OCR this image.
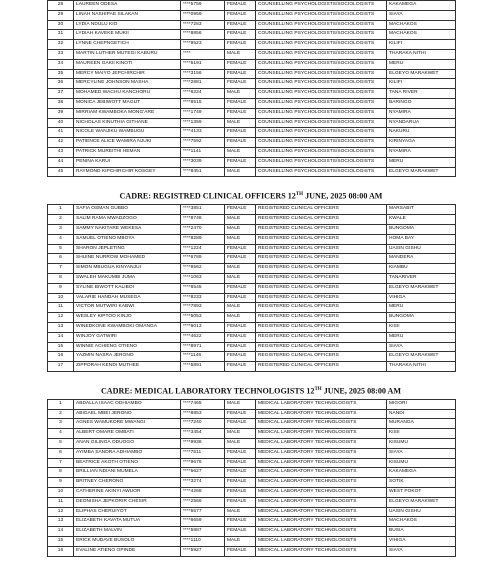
28	LAUREEN ODESA	****5759	FEMALE	COUNSELLING PSYCHOLOGISTS/SOCIOLOGISTS	KAKAMEGA
29	LINAH NASHIPAE SILAKAN	****0959	FEMALE	COUNSELLING PSYCHOLOGISTS/SOCIOLOGISTS	SIAYA
30	LYDIA NDULU KIO	****7283	FEMALE	COUNSELLING PSYCHOLOGISTS/SOCIOLOGISTS	MACHAKOS
31	LYDIAH KAVEKE MUKII	****8856	FEMALE	COUNSELLING PSYCHOLOGISTS/SOCIOLOGISTS	MACHAKOS
32	LYNNE CHEPNGETICH	****9523	FEMALE	COUNSELLING PSYCHOLOGISTS/SOCIOLOGISTS	KILIFI
33	MARTIN LUTHER MUTEGI KABURU	****	MALE	COUNSELLING PSYCHOLOGISTS/SOCIOLOGISTS	THARAKA NITHI
34	MAUREEN GAKII KINOTI	****5191	FEMALE	COUNSELLING PSYCHOLOGISTS/SOCIOLOGISTS	MERU
35	MERCY MAIYO JEPCHIRCHIR	****3156	FEMALE	COUNSELLING PSYCHOLOGISTS/SOCIOLOGISTS	ELGEYO MARAKWET
36	MERCYLINE JOHNSON MASHA	****2881	FEMALE	COUNSELLING PSYCHOLOGISTS/SOCIOLOGISTS	KILIFI
37	MOHAMED WACHU KANCHORU	****6224	MALE	COUNSELLING PSYCHOLOGISTS/SOCIOLOGISTS	TANA RIVER
38	MONICA JEBIWOTT MAGUT	****8515	FEMALE	COUNSELLING PSYCHOLOGISTS/SOCIOLOGISTS	BARINGO
39	MIRRIAM KWAMBOKA MONG'ARE	****1749	FEMALE	COUNSELLING PSYCHOLOGISTS/SOCIOLOGISTS	NYAMIRA
40	NICHOLAS KINUTHIA GITHANE	****1359	MALE	COUNSELLING PSYCHOLOGISTS/SOCIOLOGISTS	NYANDARUA
41	NICOLE WANJIKU WAMBUGU	****4133	FEMALE	COUNSELLING PSYCHOLOGISTS/SOCIOLOGISTS	NAKURU
42	PATIENCE ALICE WAMIRA NJUKI	****7592	FEMALE	COUNSELLING PSYCHOLOGISTS/SOCIOLOGISTS	KIRINYAGA
43	PATRICK MUREITHI HEMAN	****1141	MALE	COUNSELLING PSYCHOLOGISTS/SOCIOLOGISTS	NYAMIRA
44	PENINA KARUI	****3039	FEMALE	COUNSELLING PSYCHOLOGISTS/SOCIOLOGISTS	MERU
45	RAYMOND KIPCHIRCHIR KOSGEY	****8451	MALE	COUNSELLING PSYCHOLOGISTS/SOCIOLOGISTS	ELGEYO MARAKWET
CADRE: REGISTRED CLINICAL OFFICERS 12TH JUNE, 2025 08:00 AM
1	SAFIA OSMAN GUBBO	****3851	FEMALE	REGISTERED CLINICAL OFFICERS	MARSABIT
2	SALIM RAMA MWADZOGO	****8748	MALE	REGISTERED CLINICAL OFFICERS	KWALE
3	SAMMY NAKITARE WEKESA	****2470	MALE	REGISTERED CLINICAL OFFICERS	BUNGOMA
4	SAMUEL OTIENO MBOYA	****8289	MALE	REGISTERED CLINICAL OFFICERS	HOMA BAY
5	SHARON JEPLETING	****1224	FEMALE	REGISTERED CLINICAL OFFICERS	UASIN GISHU
6	SHUINE NURROW MOHAMED	****6789	FEMALE	REGISTERED CLINICAL OFFICERS	MANDERA
7	SIMON MBUGUA KINYANJUI	****8562	MALE	REGISTERED CLINICAL OFFICERS	KIAMBU
8	SWALEH MAKUMBI JUMA	****1063	MALE	REGISTERED CLINICAL OFFICERS	TANARIVER
9	SYLINE BIWOTT KALIBOI	****6545	FEMALE	REGISTERED CLINICAL OFFICERS	ELGEYO MARAKWET
10	VALARIE HANDAH MUSEGA	****8233	FEMALE	REGISTERED CLINICAL OFFICERS	VIHIGA
11	VICTOR MUTWIRI KABWI	****7893	MALE	REGISTERED CLINICAL OFFICERS	MERU
12	WESLEY KIPTOO KINJO	****5053	MALE	REGISTERED CLINICAL OFFICERS	BUNGOMA
13	WINEDKONE KWAMBOKI OMANGA	****6013	FEMALE	REGISTERED CLINICAL OFFICERS	KISII
14	WINJOY GATWIRI	****4622	FEMALE	REGISTERED CLINICAL OFFICERS	MERU
15	WINNIE ACHIENG OTIENO	****8971	FEMALE	REGISTERED CLINICAL OFFICERS	SIAYA
16	YAZMIN NASRA JERONO	****1146	FEMALE	REGISTERED CLINICAL OFFICERS	ELGEYO MARAKWET
17	ZIPPORAH KENDI MUTHEE	****5891	FEMALE	REGISTERED CLINICAL OFFICERS	THARAKA NITHI
CADRE: MEDICAL LABORATORY TECHNOLOGISTS 12TH JUNE, 2025 08:00 AM
1	ABDALLA ISAAC ODHIAMBO	****7465	MALE	MEDICAL LABORATORY TECHNOLOGISTS	MIGORI
2	ABIGAEL MBEI JERONO	****8853	FEMALE	MEDICAL LABORATORY TECHNOLOGISTS	NANDI
3	AGNES WAMUKORE MWANGI	****7240	FEMALE	MEDICAL LABORATORY TECHNOLOGISTS	MURANGA
4	ALBERT OMARE OMBATI	****3454	MALE	MEDICAL LABORATORY TECHNOLOGISTS	KISII
5	ANAN GILINGA ODUOGO	****9938	MALE	MEDICAL LABORATORY TECHNOLOGISTS	KISUMU
6	AYIMBA SANDRA ADHIAMBO	****7511	FEMALE	MEDICAL LABORATORY TECHNOLOGISTS	SIAYA
7	BEATRICE AKOTH OTIENO	****9676	FEMALE	MEDICAL LABORATORY TECHNOLOGISTS	KISUMU
8	BRILLIAN NDIANI MUMELA	****5627	FEMALE	MEDICAL LABORATORY TECHNOLOGISTS	KAKAMEGA
9	BRITNEY CHERONO	****3274	FEMALE	MEDICAL LABORATORY TECHNOLOGISTS	SOTIK
10	CATHERINE AKINYI AWUOR	****4268	FEMALE	MEDICAL LABORATORY TECHNOLOGISTS	WEST POKOT
11	DEONISHA JEPKORIR CHESIR	****2566	FEMALE	MEDICAL LABORATORY TECHNOLOGISTS	ELGEYO MARAKWET
12	ELIPHAS CHERUIYOT	****5577	MALE	MEDICAL LABORATORY TECHNOLOGISTS	UASIN GISHU
13	ELIZABETH KAVATA MUTUA	****6659	FEMALE	MEDICAL LABORATORY TECHNOLOGISTS	MACHAKOS
14	ELIZABETH MALVIN	****5887	FEMALE	MEDICAL LABORATORY TECHNOLOGISTS	BUSIA
15	ERICK MUDAVE BUSOLO	****1110	MALE	MEDICAL LABORATORY TECHNOLOGISTS	VIHIGA
16	EVALINE ATIENO OPINDE	****5927	FEMALE	MEDICAL LABORATORY TECHNOLOGISTS	SIAYA
